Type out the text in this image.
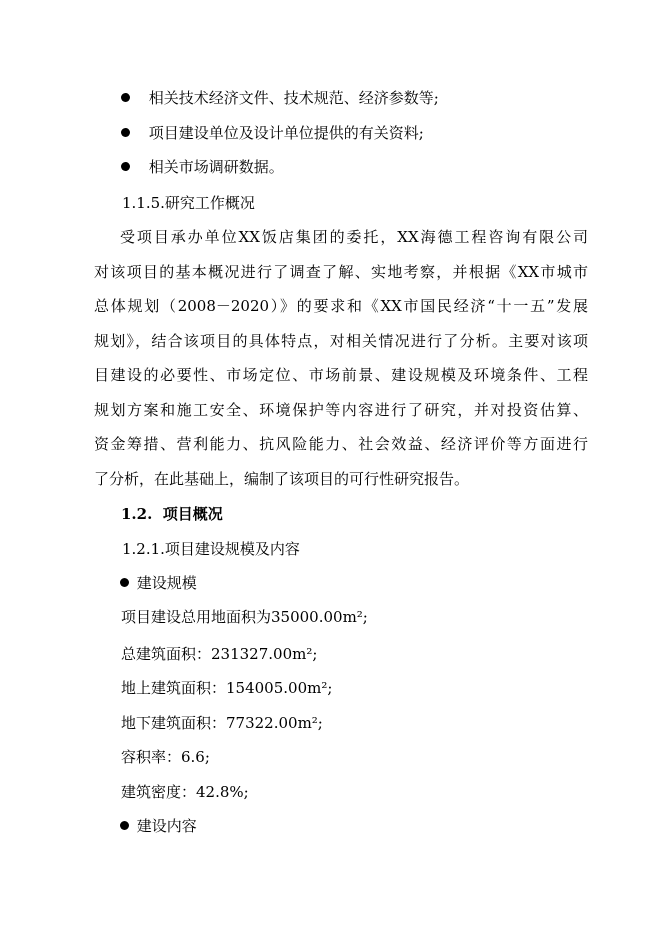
相关技术经济文件、技术规范、经济参数等;
项目建设单位及设计单位提供的有关资料;
相关市场调研数据。
1.1.5.研究工作概况
受项目承办单位XX饭店集团的委托，XX海德工程咨询有限公司
对该项目的基本概况进行了调查了解、实地考察，并根据《XX市城市
总体规划（2008－2020）》的要求和《XX市国民经济“十一五”发展
规划》，结合该项目的具体特点，对相关情况进行了分析。主要对该项
目建设的必要性、市场定位、市场前景、建设规模及环境条件、工程
规划方案和施工安全、环境保护等内容进行了研究，并对投资估算、
资金筹措、营利能力、抗风险能力、社会效益、经济评价等方面进行
了分析，在此基础上，编制了该项目的可行性研究报告。
1.2.  项目概况
1.2.1.项目建设规模及内容
建设规模
项目建设总用地面积为35000.00m²;
总建筑面积：231327.00m²;
地上建筑面积：154005.00m²;
地下建筑面积：77322.00m²;
容积率：6.6;
建筑密度：42.8%;
建设内容
